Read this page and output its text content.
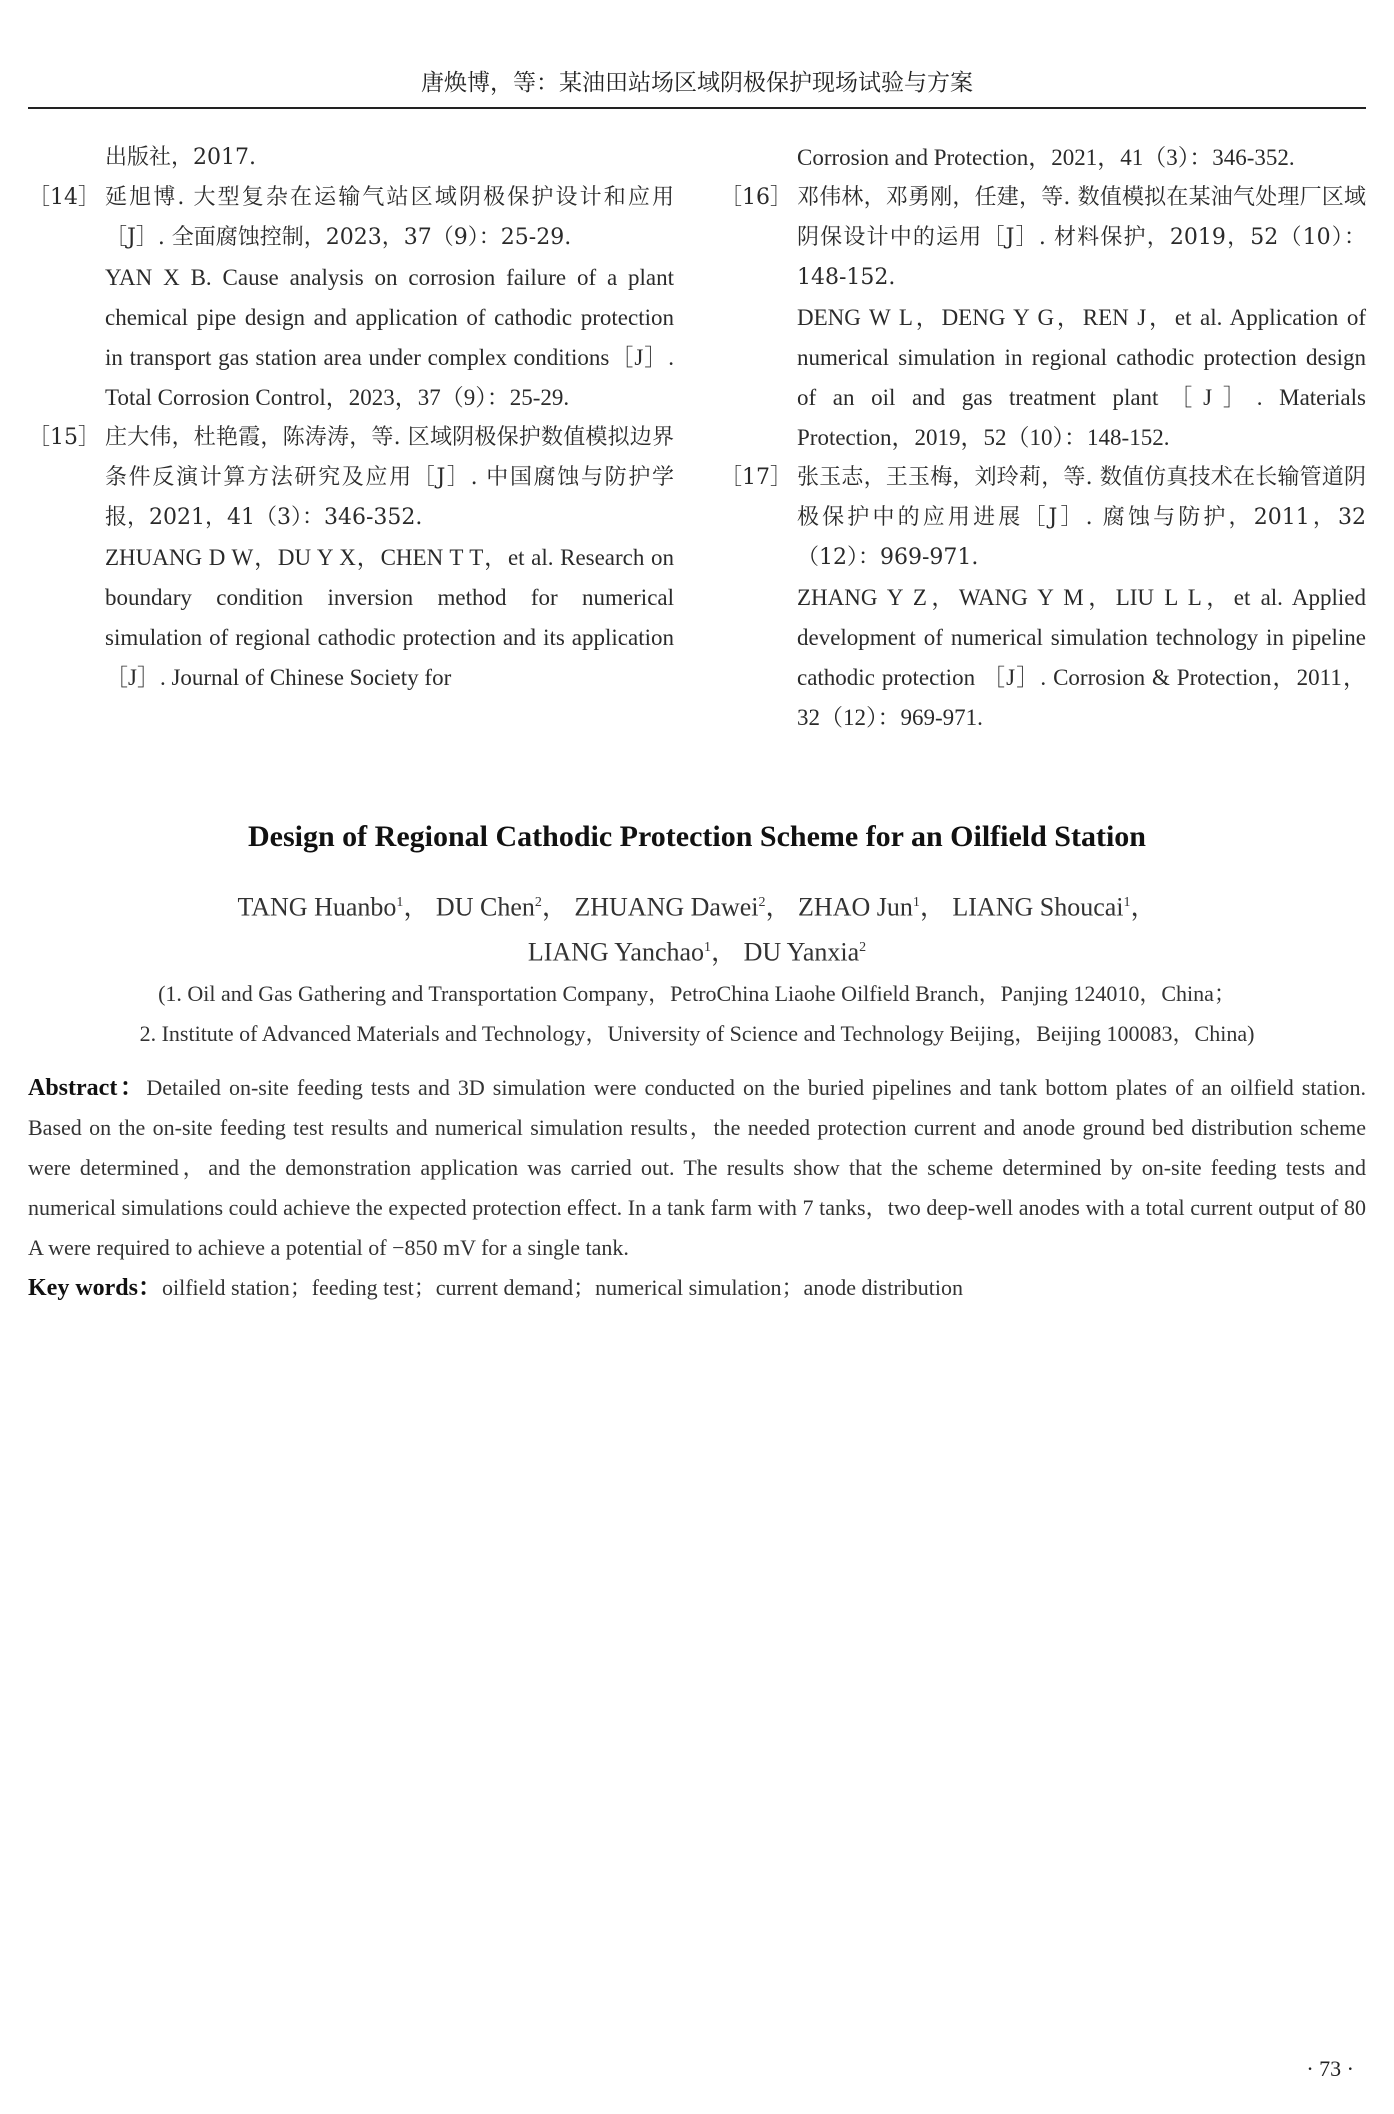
唐焕博，等：某油田站场区域阴极保护现场试验与方案

出版社，2017.

［14］ 延旭博. 大型复杂在运输气站区域阴极保护设计和应用［J］. 全面腐蚀控制，2023，37（9）：25-29.

YAN X B. Cause analysis on corrosion failure of a plant chemical pipe design and application of cathodic protection in transport gas station area under complex conditions［J］. Total Corrosion Control，2023，37（9）：25-29.

［15］ 庄大伟，杜艳霞，陈涛涛，等. 区域阴极保护数值模拟边界条件反演计算方法研究及应用［J］. 中国腐蚀与防护学报，2021，41（3）：346-352.

ZHUANG D W，DU Y X，CHEN T T，et al. Research on boundary condition inversion method for numerical simulation of regional cathodic protection and its application ［J］. Journal of Chinese Society for

Corrosion and Protection，2021，41（3）：346-352.

［16］ 邓伟林，邓勇刚，任建，等. 数值模拟在某油气处理厂区域阴保设计中的运用［J］. 材料保护，2019，52（10）：148-152.

DENG W L，DENG Y G，REN J，et al. Application of numerical simulation in regional cathodic protection design of an oil and gas treatment plant［J］. Materials Protection，2019，52（10）：148-152.

［17］ 张玉志，王玉梅，刘玲莉，等. 数值仿真技术在长输管道阴极保护中的应用进展［J］. 腐蚀与防护，2011，32（12）：969-971.

ZHANG Y Z，WANG Y M，LIU L L，et al. Applied development of numerical simulation technology in pipeline cathodic protection ［J］. Corrosion & Protection，2011，32（12）：969-971.

Design of Regional Cathodic Protection Scheme for an Oilfield Station

TANG Huanbo$^1$， DU Chen$^2$， ZHUANG Dawei$^2$， ZHAO Jun$^1$， LIANG Shoucai$^1$，

LIANG Yanchao$^1$， DU Yanxia$^2$

(1. Oil and Gas Gathering and Transportation Company，PetroChina Liaohe Oilfield Branch，Panjing 124010，China；

2. Institute of Advanced Materials and Technology，University of Science and Technology Beijing，Beijing 100083，China)

Abstract：Detailed on-site feeding tests and 3D simulation were conducted on the buried pipelines and tank bottom plates of an oilfield station. Based on the on-site feeding test results and numerical simulation results，the needed protection current and anode ground bed distribution scheme were determined，and the demonstration application was carried out. The results show that the scheme determined by on-site feeding tests and numerical simulations could achieve the expected protection effect. In a tank farm with 7 tanks，two deep-well anodes with a total current output of 80 A were required to achieve a potential of −850 mV for a single tank.

Key words：oilfield station；feeding test；current demand；numerical simulation；anode distribution

· 73 ·
